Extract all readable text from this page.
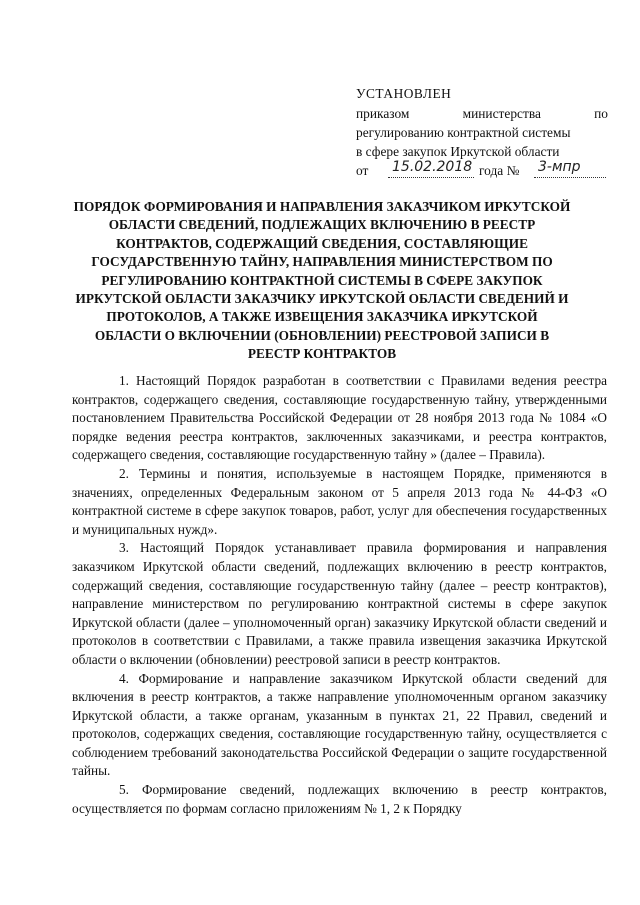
УСТАНОВЛЕН
приказом министерства по
регулированию контрактной системы
в сфере закупок Иркутской области
от 15.02.2018 года № 3-мпр
ПОРЯДОК ФОРМИРОВАНИЯ И НАПРАВЛЕНИЯ ЗАКАЗЧИКОМ ИРКУТСКОЙ ОБЛАСТИ СВЕДЕНИЙ, ПОДЛЕЖАЩИХ ВКЛЮЧЕНИЮ В РЕЕСТР КОНТРАКТОВ, СОДЕРЖАЩИЙ СВЕДЕНИЯ, СОСТАВЛЯЮЩИЕ ГОСУДАРСТВЕННУЮ ТАЙНУ, НАПРАВЛЕНИЯ МИНИСТЕРСТВОМ ПО РЕГУЛИРОВАНИЮ КОНТРАКТНОЙ СИСТЕМЫ В СФЕРЕ ЗАКУПОК ИРКУТСКОЙ ОБЛАСТИ ЗАКАЗЧИКУ ИРКУТСКОЙ ОБЛАСТИ СВЕДЕНИЙ И ПРОТОКОЛОВ, А ТАКЖЕ ИЗВЕЩЕНИЯ ЗАКАЗЧИКА ИРКУТСКОЙ ОБЛАСТИ О ВКЛЮЧЕНИИ (ОБНОВЛЕНИИ) РЕЕСТРОВОЙ ЗАПИСИ В РЕЕСТР КОНТРАКТОВ

1. Настоящий Порядок разработан в соответствии с Правилами ведения реестра контрактов, содержащего сведения, составляющие государственную тайну, утвержденными постановлением Правительства Российской Федерации от 28 ноября 2013 года № 1084 «О порядке ведения реестра контрактов, заключенных заказчиками, и реестра контрактов, содержащего сведения, составляющие государственную тайну » (далее – Правила).

2. Термины и понятия, используемые в настоящем Порядке, применяются в значениях, определенных Федеральным законом от 5 апреля 2013 года № 44-ФЗ «О контрактной системе в сфере закупок товаров, работ, услуг для обеспечения государственных и муниципальных нужд».

3. Настоящий Порядок устанавливает правила формирования и направления заказчиком Иркутской области сведений, подлежащих включению в реестр контрактов, содержащий сведения, составляющие государственную тайну (далее – реестр контрактов), направление министерством по регулированию контрактной системы в сфере закупок Иркутской области (далее – уполномоченный орган) заказчику Иркутской области сведений и протоколов в соответствии с Правилами, а также правила извещения заказчика Иркутской области о включении (обновлении) реестровой записи в реестр контрактов.

4. Формирование и направление заказчиком Иркутской области сведений для включения в реестр контрактов, а также направление уполномоченным органом заказчику Иркутской области, а также органам, указанным в пунктах 21, 22 Правил, сведений и протоколов, содержащих сведения, составляющие государственную тайну, осуществляется с соблюдением требований законодательства Российской Федерации о защите государственной тайны.

5. Формирование сведений, подлежащих включению в реестр контрактов, осуществляется по формам согласно приложениям № 1, 2 к Порядку
